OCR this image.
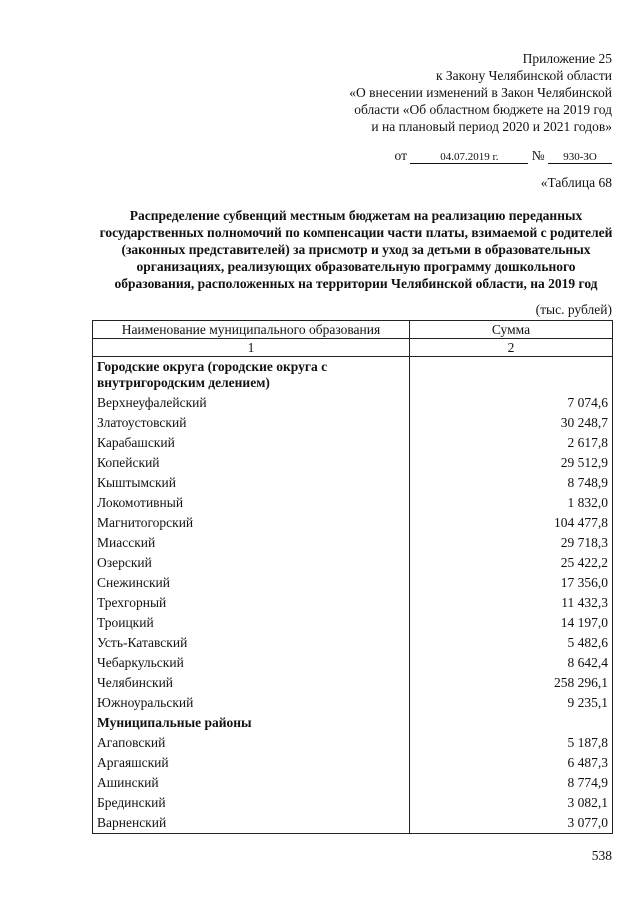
Приложение 25
к Закону Челябинской области
«О внесении изменений в Закон Челябинской
области «Об областном бюджете на 2019 год
и на плановый период 2020 и 2021 годов»
от	04.07.2019 г. № 930-ЗО
«Таблица 68
Распределение субвенций местным бюджетам на реализацию переданных государственных полномочий по компенсации части платы, взимаемой с родителей (законных представителей) за присмотр и уход за детьми в образовательных организациях, реализующих образовательную программу дошкольного образования, расположенных на территории Челябинской области, на 2019 год
(тыс. рублей)
Наименование муниципального образования	Сумма
1	2
Городские округа (городские округа с внутригородским делением)	
Верхнеуфалейский	7 074,6
Златоустовский	30 248,7
Карабашский	2 617,8
Копейский	29 512,9
Кыштымский	8 748,9
Локомотивный	1 832,0
Магнитогорский	104 477,8
Миасский	29 718,3
Озерский	25 422,2
Снежинский	17 356,0
Трехгорный	11 432,3
Троицкий	14 197,0
Усть-Катавский	5 482,6
Чебаркульский	8 642,4
Челябинский	258 296,1
Южноуральский	9 235,1
Муниципальные районы	
Агаповский	5 187,8
Аргаяшский	6 487,3
Ашинский	8 774,9
Брединский	3 082,1
Варненский	3 077,0
538
